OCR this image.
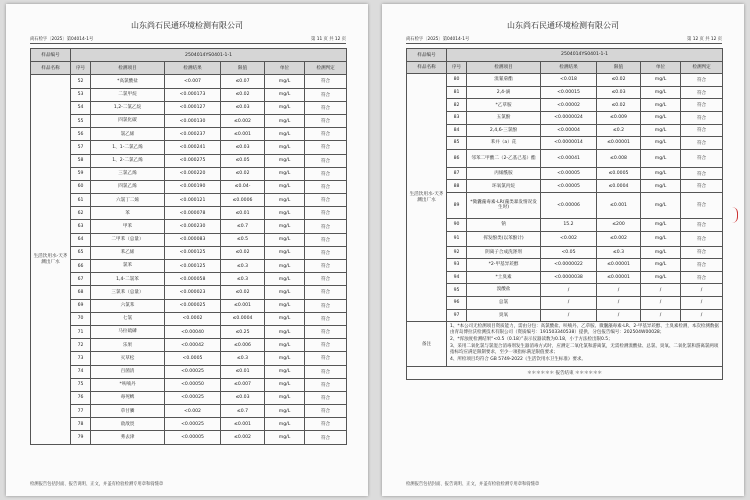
山东尚石民通环境检测有限公司
尚石检字〔2025〕第04014-1号	第 11 页 共 12 页
样品编号	2504014YS0401-1-1					
样品名称	序号	检测项目	检测结果	限值	单位	检测判定
生活饮用水-天齐渊出厂水	52	*高氯酸盐	<0.007	≤0.07	mg/L	符合
	53	二氯甲烷	<0.000173	≤0.02	mg/L	符合
	54	1,2-二氯乙烷	<0.000127	≤0.03	mg/L	符合
	55	四氯化碳	<0.000130	≤0.002	mg/L	符合
	56	氯乙烯	<0.000237	≤0.001	mg/L	符合
	57	1、1-二氯乙烯	<0.000241	≤0.03	mg/L	符合
	58	1、2-二氯乙烯	<0.000275	≤0.05	mg/L	符合
	59	三氯乙烯	<0.000220	≤0.02	mg/L	符合
	60	四氯乙烯	<0.000190	≤0.04-	mg/L	符合
	61	六氯丁二烯	<0.000121	≤0.0006	mg/L	符合
	62	苯	<0.000078	≤0.01	mg/L	符合
	63	甲苯	<0.000230	≤0.7	mg/L	符合
	64	二甲苯（总量）	<0.000083	≤0.5	mg/L	符合
	65	苯乙烯	<0.000125	≤0.02	mg/L	符合
	66	氯苯	<0.000125	≤0.3	mg/L	符合
	67	1,4-二氯苯	<0.000058	≤0.3	mg/L	符合
	68	三氯苯（总量）	<0.000023	≤0.02	mg/L	符合
	69	六氯苯	<0.000025	≤0.001	mg/L	符合
	70	七氯	<0.0002	≤0.0004	mg/L	符合
	71	马拉硫磷	<0.00040	≤0.25	mg/L	符合
	72	乐果	<0.00042	≤0.006	mg/L	符合
	73	灭草松	<0.0005	≤0.3	mg/L	符合
	74	百菌清	<0.00025	≤0.01	mg/L	符合
	75	*呋喃丹	<0.00050	≤0.007	mg/L	符合
	76	毒死蜱	<0.00025	≤0.03	mg/L	符合
	77	草甘膦	<0.002	≤0.7	mg/L	符合
	78	敌敌畏	<0.00025	≤0.001	mg/L	符合
	79	莠去津	<0.00005	≤0.002	mg/L	符合
检测报告包括封面、报告说明、正文，并盖有检验检测专用章和骑缝章
山东尚石民通环境检测有限公司
尚石检字〔2025〕第04014-1号	第 12 页 共 12 页
样品编号	2504014YS0401-1-1					
样品名称	序号	检测项目	检测结果	限值	单位	检测判定
生活饮用水-天齐渊出厂水	80	溴氰菊酯	<0.018	≤0.02	mg/L	符合
	81	2,4-滴	<0.00015	≤0.03	mg/L	符合
	82	*乙草胺	<0.00002	≤0.02	mg/L	符合
	83	五氯酚	<0.0000024	≤0.009	mg/L	符合
	84	2,4,6-三氯酚	<0.00004	≤0.2	mg/L	符合
	85	苯并（a）芘	<0.0000014	≤0.00001	mg/L	符合
	86	邻苯二甲酸二（2-乙基己基）酯	<0.00041	≤0.008	mg/L	符合
	87	丙烯酰胺	<0.00005	≤0.0005	mg/L	符合
	88	环氧氯丙烷	<0.00005	≤0.0004	mg/L	符合
	89	*微囊藻毒素-LR(藻类暴发情况发生时)	<0.00006	≤0.001	mg/L	符合
	90	钠	15.2	≤200	mg/L	符合
	91	挥发酚类(以苯酚计)	<0.002	≤0.002	mg/L	符合
	92	阴离子合成洗涤剂	<0.05	≤0.3	mg/L	符合
	93	*2-甲基异莰醇	<0.0000022	≤0.00001	mg/L	符合
	94	*土臭素	<0.0000038	≤0.00001	mg/L	符合
	95	溴酸盐	/	/	/	/
	96	总氯	/	/	/	/
	97	臭氧	/	/	/	/
备注	1、*本公司无检测项目资质能力，需由分包：高氯酸盐、呋喃丹、乙草胺、微囊藻毒素-LR、2-甲基异莰醇、土臭素检测，本次检测数据由青岛博拉沃检测技术有限公司（资质编号：191503340538）提供，分包报告编号：202504W00028；

2、*浑浊度检测结果“<0.5（0.18）”表示仪器读数为0.18，小于方法检出限0.5；

3、采用二氧化氯与氯混合消毒剂发生器消毒方式时，应测定二氧化氯和游离氯，无需检测溴酸盐、总氯、臭氧、二氧化氯和游离氯两项指标均应满足限制要求，至少一项指标满足限值要求；

4、所检项目均符合 GB 5749-2022《生活饮用水卫生标准》要求。					

＊＊＊＊＊＊ 报告结束 ＊＊＊＊＊＊						
检测报告包括封面、报告说明、正文，并盖有检验检测专用章和骑缝章
